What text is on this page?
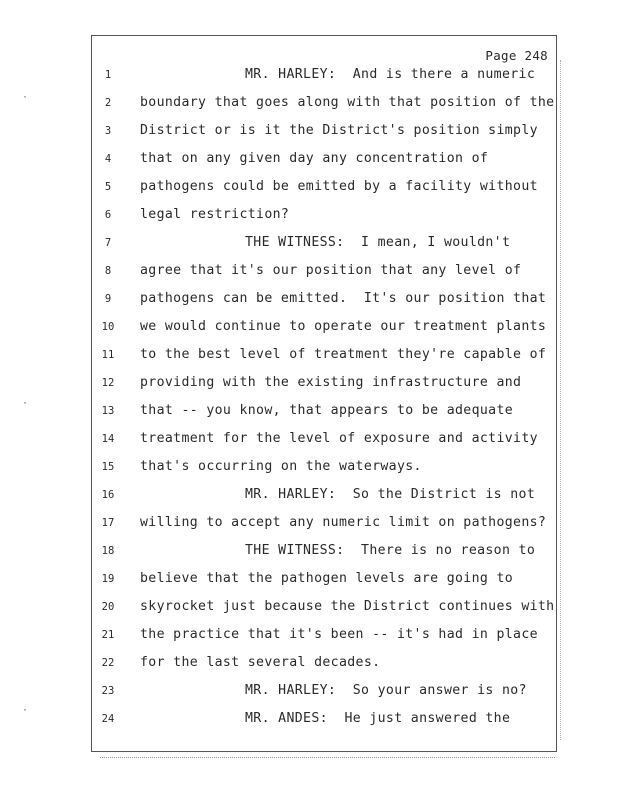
·
·
·
Page 248
1	MR. HARLEY:  And is there a numeric
2	boundary that goes along with that position of the
3	District or is it the District's position simply
4	that on any given day any concentration of
5	pathogens could be emitted by a facility without
6	legal restriction?
7	THE WITNESS:  I mean, I wouldn't
8	agree that it's our position that any level of
9	pathogens can be emitted.  It's our position that
10	we would continue to operate our treatment plants
11	to the best level of treatment they're capable of
12	providing with the existing infrastructure and
13	that -- you know, that appears to be adequate
14	treatment for the level of exposure and activity
15	that's occurring on the waterways.
16	MR. HARLEY:  So the District is not
17	willing to accept any numeric limit on pathogens?
18	THE WITNESS:  There is no reason to
19	believe that the pathogen levels are going to
20	skyrocket just because the District continues with
21	the practice that it's been -- it's had in place
22	for the last several decades.
23	MR. HARLEY:  So your answer is no?
24	MR. ANDES:  He just answered the
